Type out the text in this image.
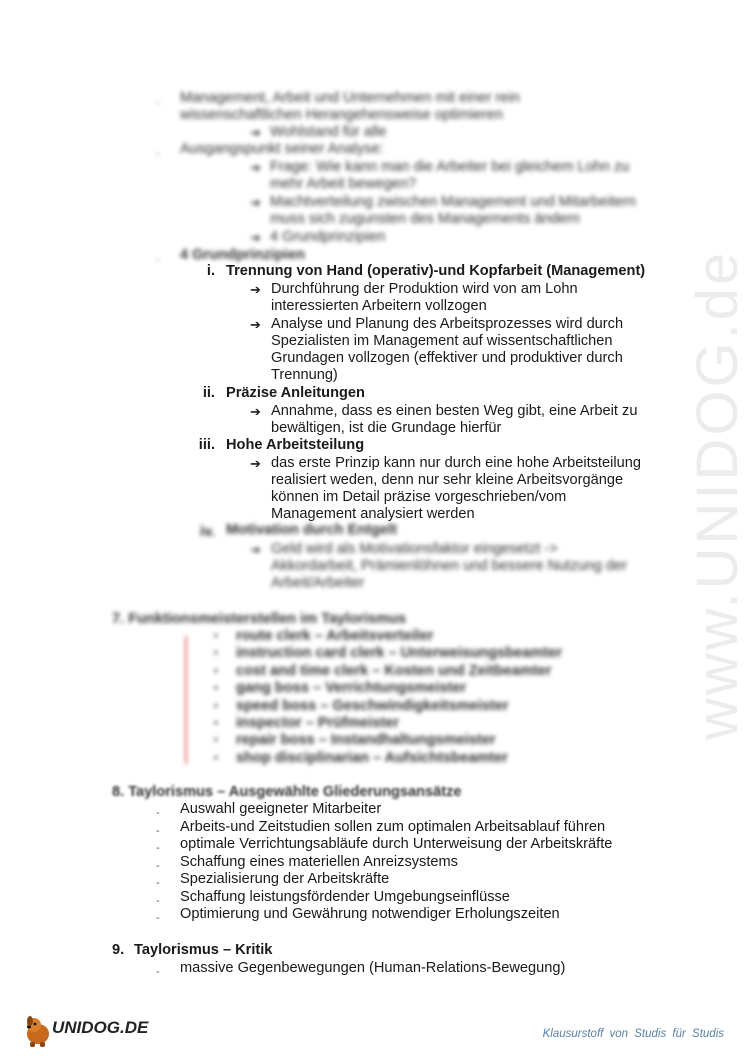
www.UNIDOG.de
- Management, Arbeit und Unternehmen mit einer rein
wissenschaftlichen Herangehensweise optimieren
➔ Wohlstand für alle
- Ausgangspunkt seiner Analyse:
➔ Frage: Wie kann man die Arbeiter bei gleichem Lohn zu
mehr Arbeit bewegen?
➔ Machtverteilung zwischen Management und Mitarbeitern
muss sich zugunsten des Managements ändern
➔ 4 Grundprinzipien
- 4 Grundprinzipien
i. Trennung von Hand (operativ)-und Kopfarbeit (Management)
➔ Durchführung der Produktion wird von am Lohn
interessierten Arbeitern vollzogen
➔ Analyse und Planung des Arbeitsprozesses wird durch
Spezialisten im Management auf wissentschaftlichen
Grundagen vollzogen (effektiver und produktiver durch
Trennung)
ii. Präzise Anleitungen
➔ Annahme, dass es einen besten Weg gibt, eine Arbeit zu
bewältigen, ist die Grundage hierfür
iii. Hohe Arbeitsteilung
➔ das erste Prinzip kann nur durch eine hohe Arbeitsteilung
realisiert weden, denn nur sehr kleine Arbeitsvorgänge
können im Detail präzise vorgeschrieben/vom
Management analysiert werden
iv. Motivation durch Entgelt
➔ Geld wird als Motivationsfaktor eingesetzt ->
Akkordarbeit, Prämienlöhnen und bessere Nutzung der
Arbeit/Arbeiter
7. Funktionsmeisterstellen im Taylorismus
▪ route clerk – Arbeitsverteiler
▪ instruction card clerk – Unterweisungsbeamter
▪ cost and time clerk – Kosten und Zeitbeamter
▪ gang boss – Verrichtungsmeister
▪ speed boss – Geschwindigkeitsmeister
▪ inspector – Prüfmeister
▪ repair boss – Instandhaltungsmeister
▪ shop disciplinarian – Aufsichtsbeamter
8. Taylorismus – Ausgewählte Gliederungsansätze
- Auswahl geeigneter Mitarbeiter
- Arbeits-und Zeitstudien sollen zum optimalen Arbeitsablauf führen
- optimale Verrichtungsabläufe durch Unterweisung der Arbeitskräfte
- Schaffung eines materiellen Anreizsystems
- Spezialisierung der Arbeitskräfte
- Schaffung leistungsfördender Umgebungseinflüsse
- Optimierung und Gewährung notwendiger Erholungszeiten
9. Taylorismus – Kritik
- massive Gegenbewegungen (Human-Relations-Bewegung)
UNIDOG.DE	Klausurstoff von Studis für Studis
